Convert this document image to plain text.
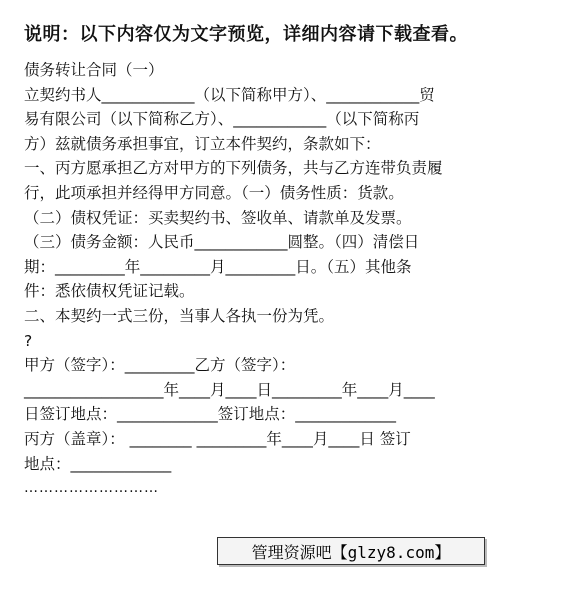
说明：以下内容仅为文字预览，详细内容请下载查看。
债务转让合同（一）
立契约书人____________（以下简称甲方）、____________贸
易有限公司（以下简称乙方）、____________（以下简称丙
方）兹就债务承担事宜，订立本件契约，条款如下：
一、丙方愿承担乙方对甲方的下列债务，共与乙方连带负责履
行，此项承担并经得甲方同意。（一）债务性质：货款。
（二）债权凭证：买卖契约书、签收单、请款单及发票。
（三）债务金额：人民币____________圆整。（四）清偿日
期：_________年_________月_________日。（五）其他条
件：悉依债权凭证记载。
二、本契约一式三份，当事人各执一份为凭。
?
甲方（签字）：_________乙方（签字）：
__________________年____月____日_________年____月____
日签订地点：_____________签订地点：_____________
丙方（盖章）： ________ _________年____月____日 签订
地点：_____________
………………………
管理资源吧【glzy8.com】
